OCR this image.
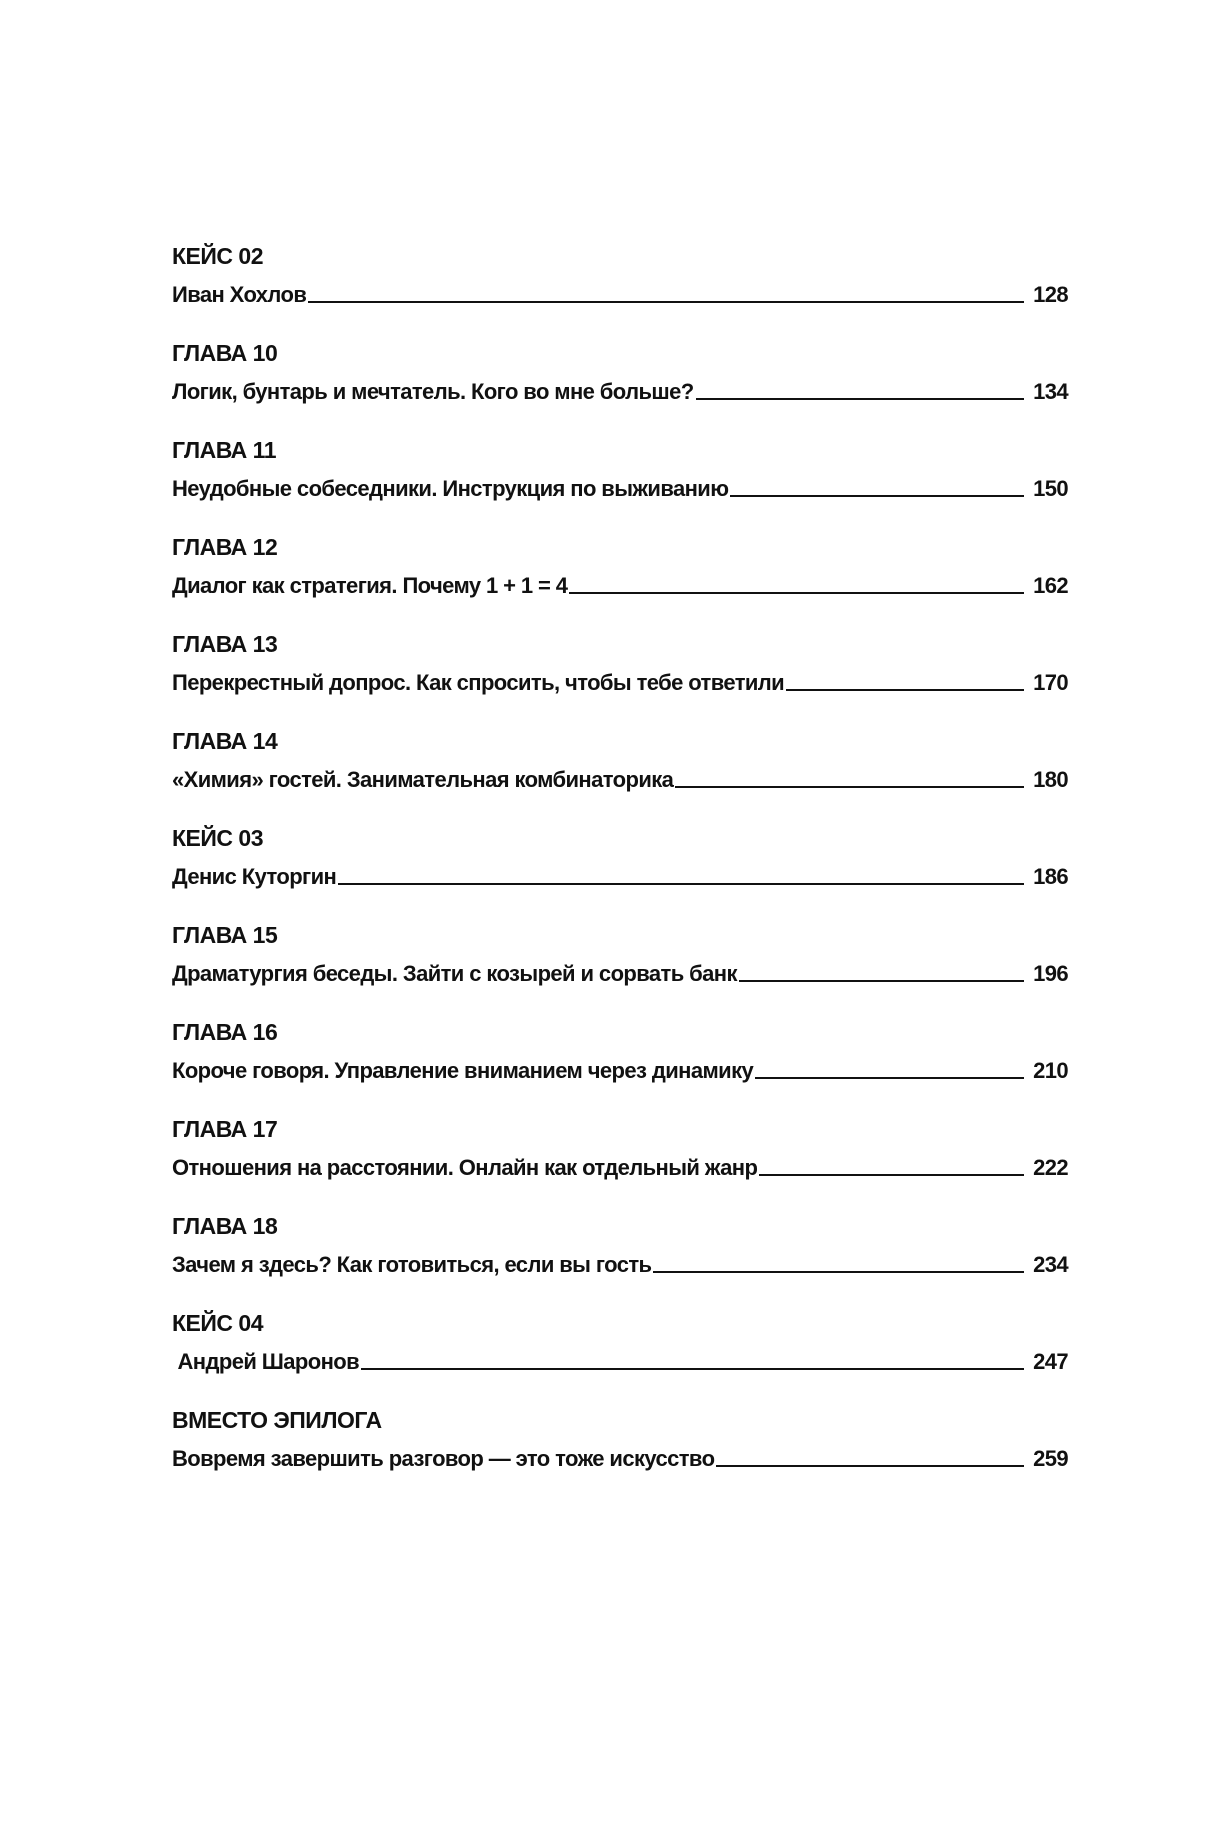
КЕЙС 02
Иван Хохлов	128
ГЛАВА 10
Логик, бунтарь и мечтатель. Кого во мне больше?	134
ГЛАВА 11
Неудобные собеседники. Инструкция по выживанию	150
ГЛАВА 12
Диалог как стратегия. Почему 1 + 1 = 4	162
ГЛАВА 13
Перекрестный допрос. Как спросить, чтобы тебе ответили	170
ГЛАВА 14
«Химия» гостей. Занимательная комбинаторика	180
КЕЙС 03
Денис Куторгин	186
ГЛАВА 15
Драматургия беседы. Зайти с козырей и сорвать банк	196
ГЛАВА 16
Короче говоря. Управление вниманием через динамику	210
ГЛАВА 17
Отношения на расстоянии. Онлайн как отдельный жанр	222
ГЛАВА 18
Зачем я здесь? Как готовиться, если вы гость	234
КЕЙС 04
Андрей Шаронов	247
ВМЕСТО ЭПИЛОГА
Вовремя завершить разговор — это тоже искусство	259
